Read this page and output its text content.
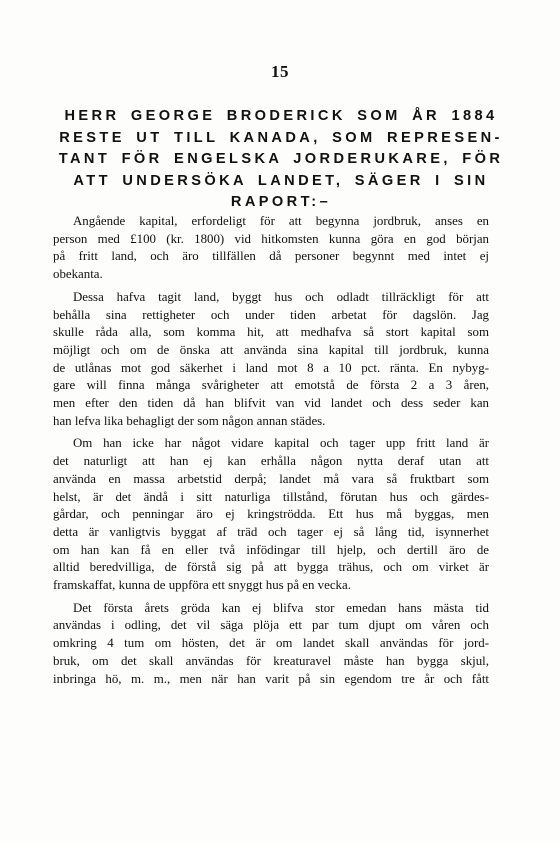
15
HERR GEORGE BRODERICK SOM ÅR 1884
RESTE UT TILL KANADA, SOM REPRESEN-
TANT FÖR ENGELSKA JORDERUKARE, FÖR
ATT UNDERSÖKA LANDET, SÄGER I SIN
RAPORT:–

Angående kapital, erfordeligt för att begynna jordbruk, anses en
person med £100 (kr. 1800) vid hitkomsten kunna göra en god början
på fritt land, och äro tillfällen då personer begynnt med intet ej
obekanta.

Dessa hafva tagit land, byggt hus och odladt tillräckligt för att
behålla sina rettigheter och under tiden arbetat för dagslön. Jag
skulle råda alla, som komma hit, att medhafva så stort kapital som
möjligt och om de önska att använda sina kapital till jordbruk, kunna
de utlånas mot god säkerhet i land mot 8 a 10 pct. ränta. En nybyg-
gare will finna många svårigheter att emotstå de första 2 a 3 åren,
men efter den tiden då han blifvit van vid landet och dess seder kan
han lefva lika behagligt der som någon annan städes.

Om han icke har något vidare kapital och tager upp fritt land är
det naturligt att han ej kan erhålla någon nytta deraf utan att
använda en massa arbetstid derpå; landet må vara så fruktbart som
helst, är det ändå i sitt naturliga tillstånd, förutan hus och gärdes-
gårdar, och penningar äro ej kringströdda. Ett hus må byggas, men
detta är vanligtvis byggat af träd och tager ej så lång tid, isynnerhet
om han kan få en eller två infödingar till hjelp, och dertill äro de
alltid beredvilliga, de förstå sig på att bygga trähus, och om virket är
framskaffat, kunna de uppföra ett snyggt hus på en vecka.

Det första årets gröda kan ej blifva stor emedan hans mästa tid
användas i odling, det vil säga plöja ett par tum djupt om våren och
omkring 4 tum om hösten, det är om landet skall användas för jord-
bruk, om det skall användas för kreaturavel måste han bygga skjul,
inbringa hö, m. m., men när han varit på sin egendom tre år och fått
